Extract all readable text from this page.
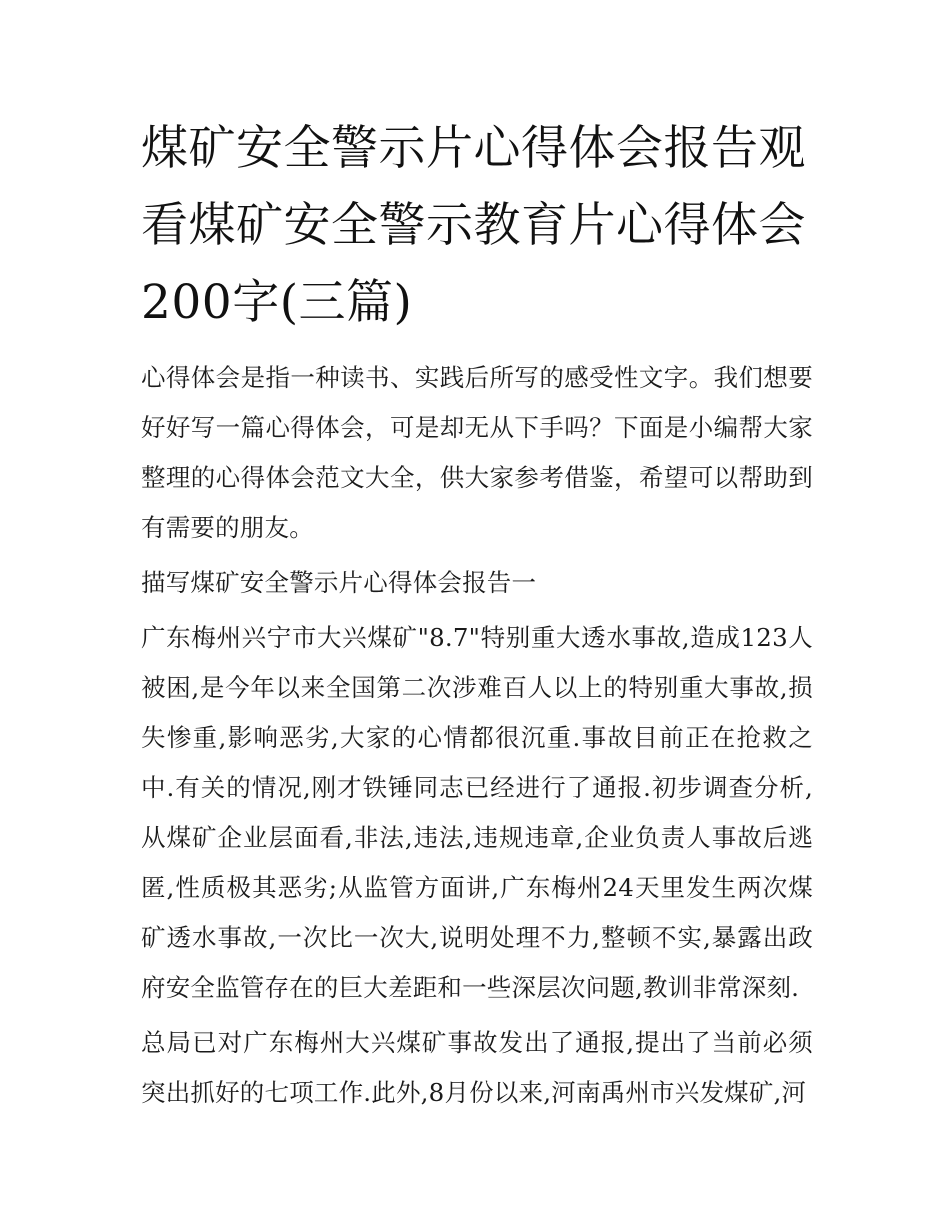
煤矿安全警示片心得体会报告观看煤矿安全警示教育片心得体会200字(三篇)

心得体会是指一种读书、实践后所写的感受性文字。我们想要好好写一篇心得体会，可是却无从下手吗？下面是小编帮大家整理的心得体会范文大全，供大家参考借鉴，希望可以帮助到有需要的朋友。

描写煤矿安全警示片心得体会报告一

广东梅州兴宁市大兴煤矿"8.7"特别重大透水事故,造成123人被困,是今年以来全国第二次涉难百人以上的特别重大事故,损失惨重,影响恶劣,大家的心情都很沉重.事故目前正在抢救之中.有关的情况,刚才铁锤同志已经进行了通报.初步调查分析,从煤矿企业层面看,非法,违法,违规违章,企业负责人事故后逃匿,性质极其恶劣;从监管方面讲,广东梅州24天里发生两次煤矿透水事故,一次比一次大,说明处理不力,整顿不实,暴露出政府安全监管存在的巨大差距和一些深层次问题,教训非常深刻.

总局已对广东梅州大兴煤矿事故发出了通报,提出了当前必须突出抓好的七项工作.此外,8月份以来,河南禹州市兴发煤矿,河
